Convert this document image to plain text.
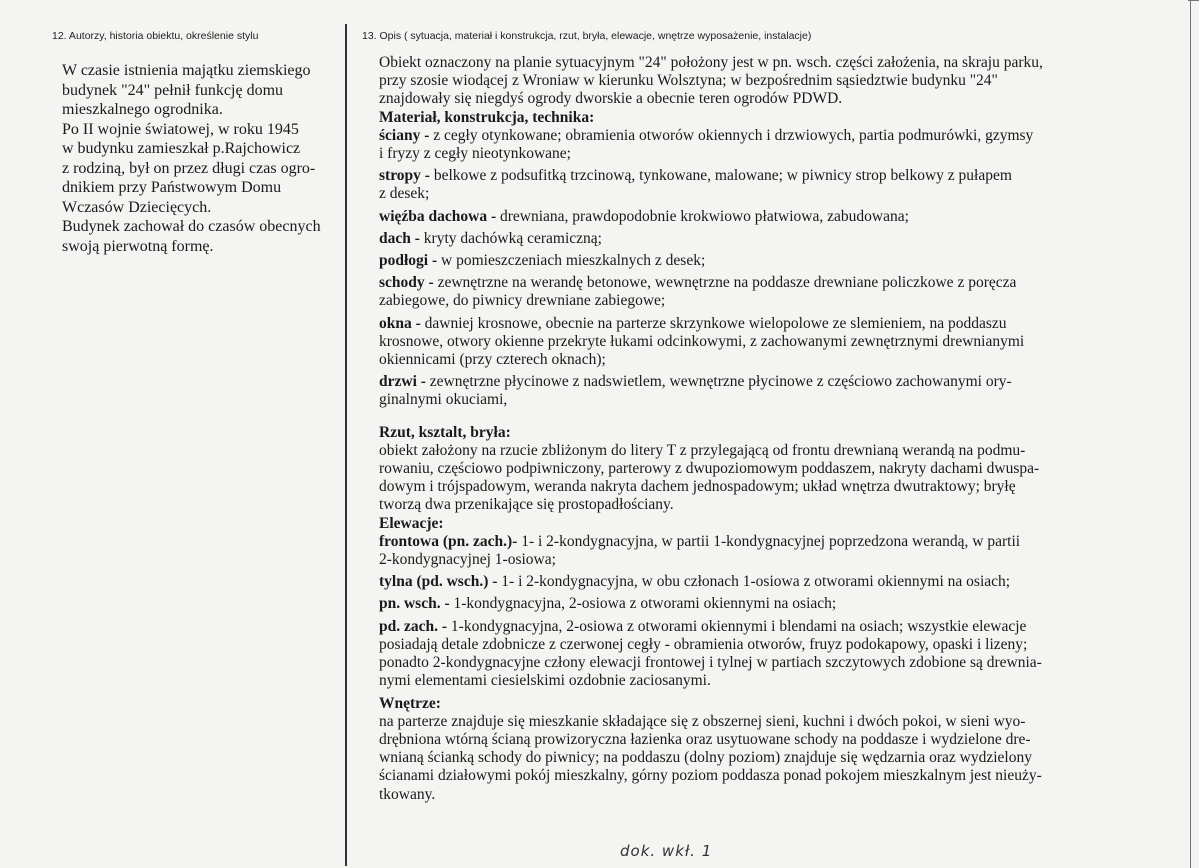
12. Autorzy, historia obiektu, określenie stylu	13. Opis ( sytuacja, materiał i konstrukcja, rzut, bryła, elewacje, wnętrze wyposażenie, instalacje)
W czasie istnienia majątku ziemskiego
budynek "24" pełnił funkcję domu
mieszkalnego ogrodnika.
Po II wojnie światowej, w roku 1945
w budynku zamieszkał p.Rajchowicz
z rodziną, był on przez długi czas ogro-
dnikiem przy Państwowym Domu
Wczasów Dziecięcych.
Budynek zachował do czasów obecnych
swoją pierwotną formę.
Obiekt oznaczony na planie sytuacyjnym "24" położony jest w pn. wsch. części założenia, na skraju parku,
przy szosie wiodącej z Wroniaw w kierunku Wolsztyna; w bezpośrednim sąsiedztwie budynku "24"
znajdowały się niegdyś ogrody dworskie a obecnie teren ogrodów PDWD.
Materiał, konstrukcja, technika:
ściany - z cegły otynkowane; obramienia otworów okiennych i drzwiowych, partia podmurówki, gzymsy
i fryzy z cegły nieotynkowane;
stropy - belkowe z podsufitką trzcinową, tynkowane, malowane; w piwnicy strop belkowy z pułapem
z desek;
więźba dachowa - drewniana, prawdopodobnie krokwiowo płatwiowa, zabudowana;
dach - kryty dachówką ceramiczną;
podłogi - w pomieszczeniach mieszkalnych z desek;
schody - zewnętrzne na werandę betonowe, wewnętrzne na poddasze drewniane policzkowe z poręcza
zabiegowe, do piwnicy drewniane zabiegowe;
okna - dawniej krosnowe, obecnie na parterze skrzynkowe wielopolowe ze slemieniem, na poddaszu
krosnowe, otwory okienne przekryte łukami odcinkowymi, z zachowanymi zewnętrznymi drewnianymi
okiennicami (przy czterech oknach);
drzwi - zewnętrzne płycinowe z nadswietlem, wewnętrzne płycinowe z częściowo zachowanymi ory-
ginalnymi okuciami,
Rzut, ksztalt, bryła:
obiekt założony na rzucie zbliżonym do litery T z przylegającą od frontu drewnianą werandą na podmu-
rowaniu, częściowo podpiwniczony, parterowy z dwupoziomowym poddaszem, nakryty dachami dwuspa-
dowym i trójspadowym, weranda nakryta dachem jednospadowym; układ wnętrza dwutraktowy; bryłę
tworzą dwa przenikające się prostopadłościany.
Elewacje:
frontowa (pn. zach.)- 1- i 2-kondygnacyjna, w partii 1-kondygnacyjnej poprzedzona werandą, w partii
2-kondygnacyjnej 1-osiowa;
tylna (pd. wsch.) - 1- i 2-kondygnacyjna, w obu członach 1-osiowa z otworami okiennymi na osiach;
pn. wsch. - 1-kondygnacyjna, 2-osiowa z otworami okiennymi na osiach;
pd. zach. - 1-kondygnacyjna, 2-osiowa z otworami okiennymi i blendami na osiach; wszystkie elewacje
posiadają detale zdobnicze z czerwonej cegły - obramienia otworów, fruyz podokapowy, opaski i lizeny;
ponadto 2-kondygnacyjne człony elewacji frontowej i tylnej w partiach szczytowych zdobione są drewnia-
nymi elementami ciesielskimi ozdobnie zaciosanymi.
Wnętrze:
na parterze znajduje się mieszkanie składające się z obszernej sieni, kuchni i dwóch pokoi, w sieni wyo-
drębniona wtórną ścianą prowizoryczna łazienka oraz usytuowane schody na poddasze i wydzielone dre-
wnianą ścianką schody do piwnicy; na poddaszu (dolny poziom) znajduje się wędzarnia oraz wydzielony
ścianami działowymi pokój mieszkalny, górny poziom poddasza ponad pokojem mieszkalnym jest nieuży-
tkowany.
dok. wkł. 1
